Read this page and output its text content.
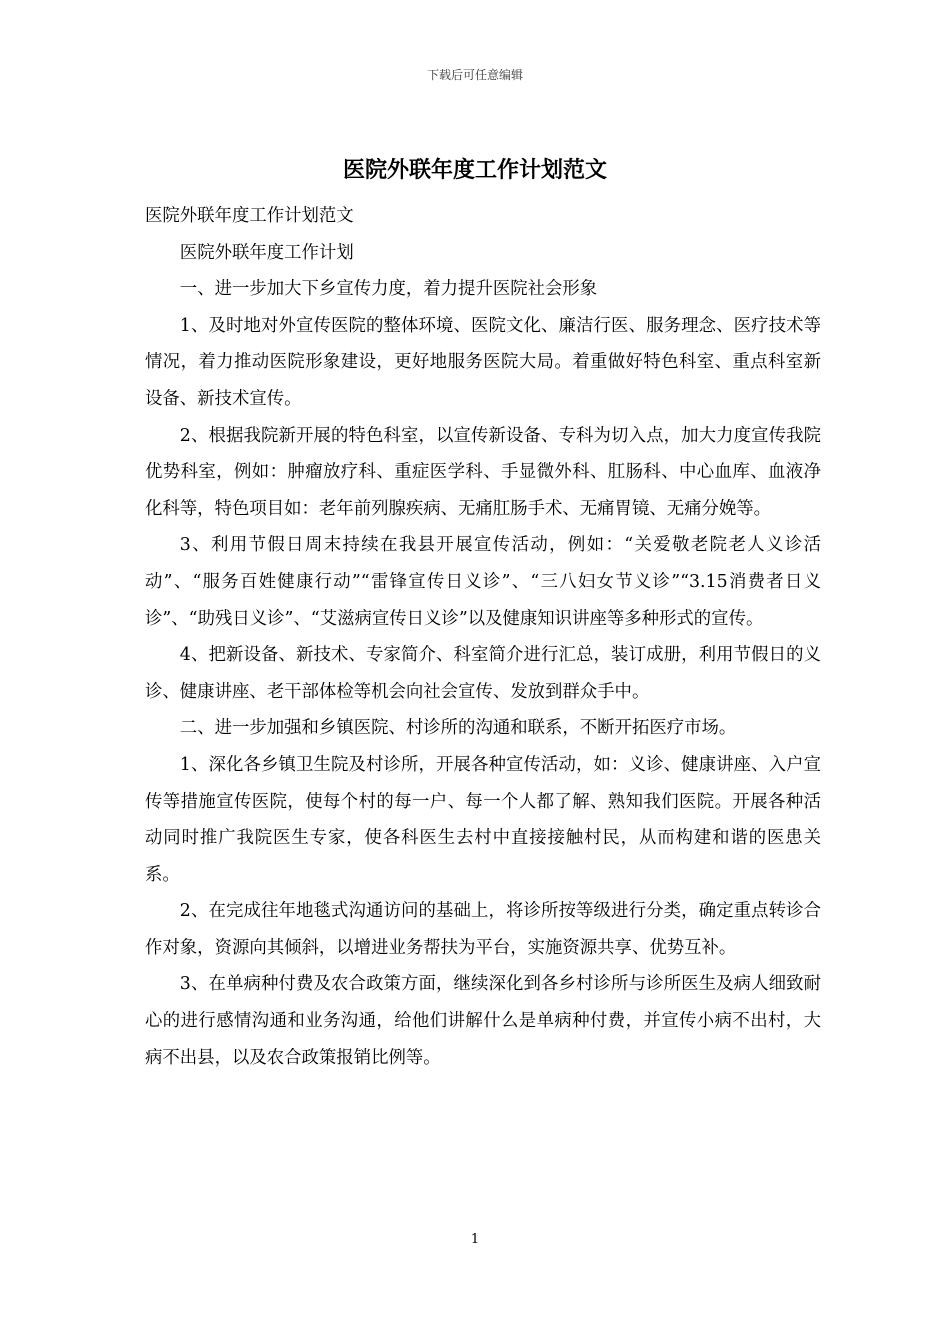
下载后可任意编辑
医院外联年度工作计划范文

医院外联年度工作计划范文

医院外联年度工作计划

一、进一步加大下乡宣传力度，着力提升医院社会形象

1、及时地对外宣传医院的整体环境、医院文化、廉洁行医、服务理念、医疗技术等情况，着力推动医院形象建设，更好地服务医院大局。着重做好特色科室、重点科室新设备、新技术宣传。

2、根据我院新开展的特色科室，以宣传新设备、专科为切入点，加大力度宣传我院优势科室，例如：肿瘤放疗科、重症医学科、手显微外科、肛肠科、中心血库、血液净化科等，特色项目如：老年前列腺疾病、无痛肛肠手术、无痛胃镜、无痛分娩等。

3、利用节假日周末持续在我县开展宣传活动，例如：“关爱敬老院老人义诊活动”、“服务百姓健康行动”“雷锋宣传日义诊”、“三八妇女节义诊”“3.15消费者日义诊”、“助残日义诊”、“艾滋病宣传日义诊”以及健康知识讲座等多种形式的宣传。

4、把新设备、新技术、专家简介、科室简介进行汇总，装订成册，利用节假日的义诊、健康讲座、老干部体检等机会向社会宣传、发放到群众手中。

二、进一步加强和乡镇医院、村诊所的沟通和联系，不断开拓医疗市场。

1、深化各乡镇卫生院及村诊所，开展各种宣传活动，如：义诊、健康讲座、入户宣传等措施宣传医院，使每个村的每一户、每一个人都了解、熟知我们医院。开展各种活动同时推广我院医生专家，使各科医生去村中直接接触村民，从而构建和谐的医患关系。

2、在完成往年地毯式沟通访问的基础上，将诊所按等级进行分类，确定重点转诊合作对象，资源向其倾斜，以增进业务帮扶为平台，实施资源共享、优势互补。

3、在单病种付费及农合政策方面，继续深化到各乡村诊所与诊所医生及病人细致耐心的进行感情沟通和业务沟通，给他们讲解什么是单病种付费，并宣传小病不出村，大病不出县，以及农合政策报销比例等。

1
